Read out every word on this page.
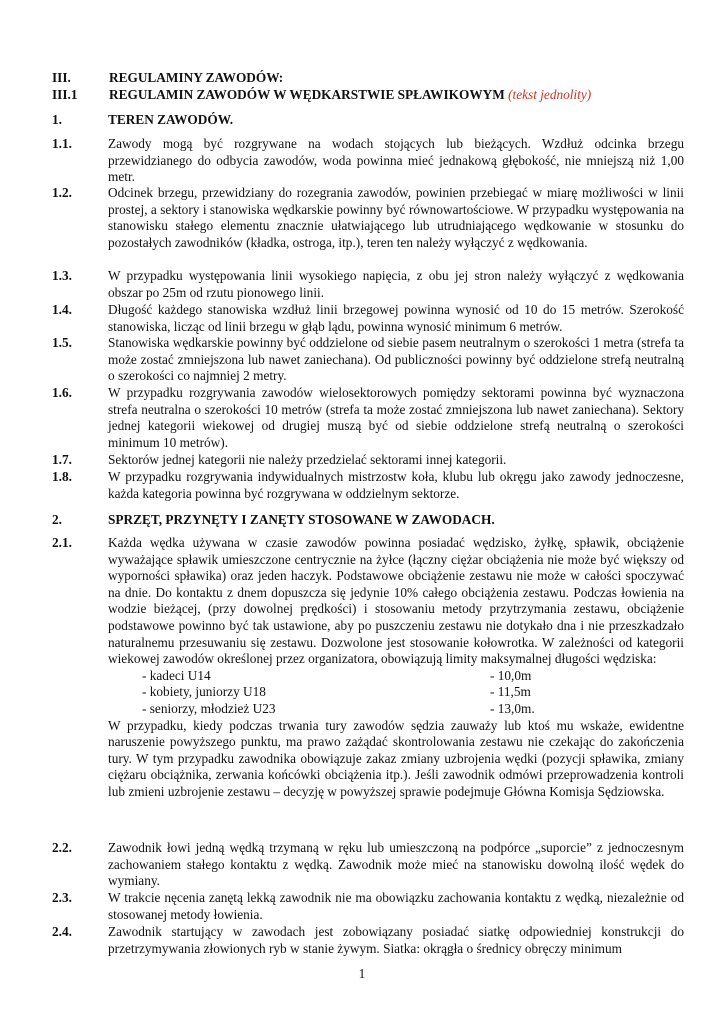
III.	REGULAMINY ZAWODÓW:
III.1	REGULAMIN ZAWODÓW W WĘDKARSTWIE SPŁAWIKOWYM (tekst jednolity)
1.	TEREN ZAWODÓW.
1.1.	Zawody mogą być rozgrywane na wodach stojących lub bieżących. Wzdłuż odcinka brzegu przewidzianego do odbycia zawodów, woda powinna mieć jednakową głębokość, nie mniejszą niż 1,00 metr.
1.2.	Odcinek brzegu, przewidziany do rozegrania zawodów, powinien przebiegać w miarę możliwości w linii prostej, a sektory i stanowiska wędkarskie powinny być równowartościowe. W przypadku występowania na stanowisku stałego elementu znacznie ułatwiającego lub utrudniającego wędkowanie w stosunku do pozostałych zawodników (kładka, ostroga, itp.), teren ten należy wyłączyć z wędkowania.
1.3.	W przypadku występowania linii wysokiego napięcia, z obu jej stron należy wyłączyć z wędkowania obszar po 25m od rzutu pionowego linii.
1.4.	Długość każdego stanowiska wzdłuż linii brzegowej powinna wynosić od 10 do 15 metrów. Szerokość stanowiska, licząc od linii brzegu w głąb lądu, powinna wynosić minimum 6 metrów.
1.5.	Stanowiska wędkarskie powinny być oddzielone od siebie pasem neutralnym o szerokości 1 metra (strefa ta może zostać zmniejszona lub nawet zaniechana). Od publiczności powinny być oddzielone strefą neutralną o szerokości co najmniej 2 metry.
1.6.	W przypadku rozgrywania zawodów wielosektorowych pomiędzy sektorami powinna być wyznaczona strefa neutralna o szerokości 10 metrów (strefa ta może zostać zmniejszona lub nawet zaniechana). Sektory jednej kategorii wiekowej od drugiej muszą być od siebie oddzielone strefą neutralną o szerokości minimum 10 metrów).
1.7.	Sektorów jednej kategorii nie należy przedzielać sektorami innej kategorii.
1.8.	W przypadku rozgrywania indywidualnych mistrzostw koła, klubu lub okręgu jako zawody jednoczesne, każda kategoria powinna być rozgrywana w oddzielnym sektorze.
2.	SPRZĘT, PRZYNĘTY I ZANĘTY STOSOWANE W ZAWODACH.
2.1.	Każda wędka używana w czasie zawodów powinna posiadać wędzisko, żyłkę, spławik, obciążenie wyważające spławik umieszczone centrycznie na żyłce (łączny ciężar obciążenia nie może być większy od wyporności spławika) oraz jeden haczyk. Podstawowe obciążenie zestawu nie może w całości spoczywać na dnie. Do kontaktu z dnem dopuszcza się jedynie 10% całego obciążenia zestawu. Podczas łowienia na wodzie bieżącej, (przy dowolnej prędkości) i stosowaniu metody przytrzymania zestawu, obciążenie podstawowe powinno być tak ustawione, aby po puszczeniu zestawu nie dotykało dna i nie przeszkadzało naturalnemu przesuwaniu się zestawu. Dozwolone jest stosowanie kołowrotka. W zależności od kategorii wiekowej zawodów określonej przez organizatora, obowiązują limity maksymalnej długości wędziska:
- kadeci U14	- 10,0m
- kobiety, juniorzy U18	- 11,5m
- seniorzy, młodzież U23	- 13,0m.
W przypadku, kiedy podczas trwania tury zawodów sędzia zauważy lub ktoś mu wskaże, ewidentne naruszenie powyższego punktu, ma prawo zażądać skontrolowania zestawu nie czekając do zakończenia tury. W tym przypadku zawodnika obowiązuje zakaz zmiany uzbrojenia wędki (pozycji spławika, zmiany ciężaru obciążnika, zerwania końcówki obciążenia itp.). Jeśli zawodnik odmówi przeprowadzenia kontroli lub zmieni uzbrojenie zestawu – decyzję w powyższej sprawie podejmuje Główna Komisja Sędziowska.
2.2.	Zawodnik łowi jedną wędką trzymaną w ręku lub umieszczoną na podpórce „suporcie” z jednoczesnym zachowaniem stałego kontaktu z wędką. Zawodnik może mieć na stanowisku dowolną ilość wędek do wymiany.
2.3.	W trakcie nęcenia zanętą lekką zawodnik nie ma obowiązku zachowania kontaktu z wędką, niezależnie od stosowanej metody łowienia.
2.4.	Zawodnik startujący w zawodach jest zobowiązany posiadać siatkę odpowiedniej konstrukcji do przetrzymywania złowionych ryb w stanie żywym. Siatka: okrągła o średnicy obręczy minimum
1
